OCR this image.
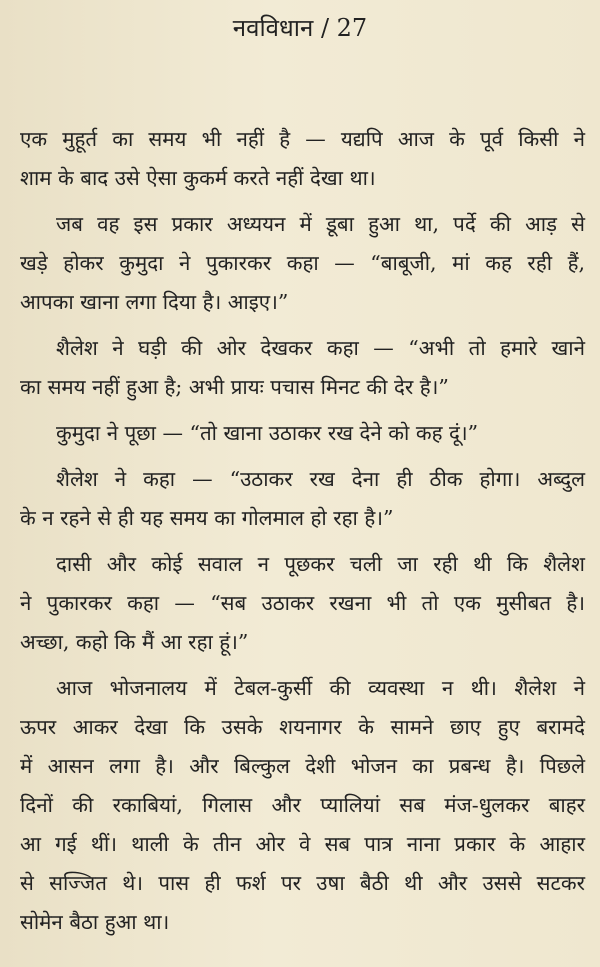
नवविधान / 27
एक मुहूर्त का समय भी नहीं है — यद्यपि आज के पूर्व किसी ने
शाम के बाद उसे ऐसा कुकर्म करते नहीं देखा था।
जब वह इस प्रकार अध्ययन में डूबा हुआ था, पर्दे की आड़ से
खड़े होकर कुमुदा ने पुकारकर कहा — “बाबूजी, मां कह रही हैं,
आपका खाना लगा दिया है। आइए।”
शैलेश ने घड़ी की ओर देखकर कहा — “अभी तो हमारे खाने
का समय नहीं हुआ है; अभी प्रायः पचास मिनट की देर है।”
कुमुदा ने पूछा — “तो खाना उठाकर रख देने को कह दूं।”
शैलेश ने कहा — “उठाकर रख देना ही ठीक होगा। अब्दुल
के न रहने से ही यह समय का गोलमाल हो रहा है।”
दासी और कोई सवाल न पूछकर चली जा रही थी कि शैलेश
ने पुकारकर कहा — “सब उठाकर रखना भी तो एक मुसीबत है।
अच्छा, कहो कि मैं आ रहा हूं।”
आज भोजनालय में टेबल-कुर्सी की व्यवस्था न थी। शैलेश ने
ऊपर आकर देखा कि उसके शयनागर के सामने छाए हुए बरामदे
में आसन लगा है। और बिल्कुल देशी भोजन का प्रबन्ध है। पिछले
दिनों की रकाबियां, गिलास और प्यालियां सब मंज-धुलकर बाहर
आ गई थीं। थाली के तीन ओर वे सब पात्र नाना प्रकार के आहार
से सज्जित थे। पास ही फर्श पर उषा बैठी थी और उससे सटकर
सोमेन बैठा हुआ था।
